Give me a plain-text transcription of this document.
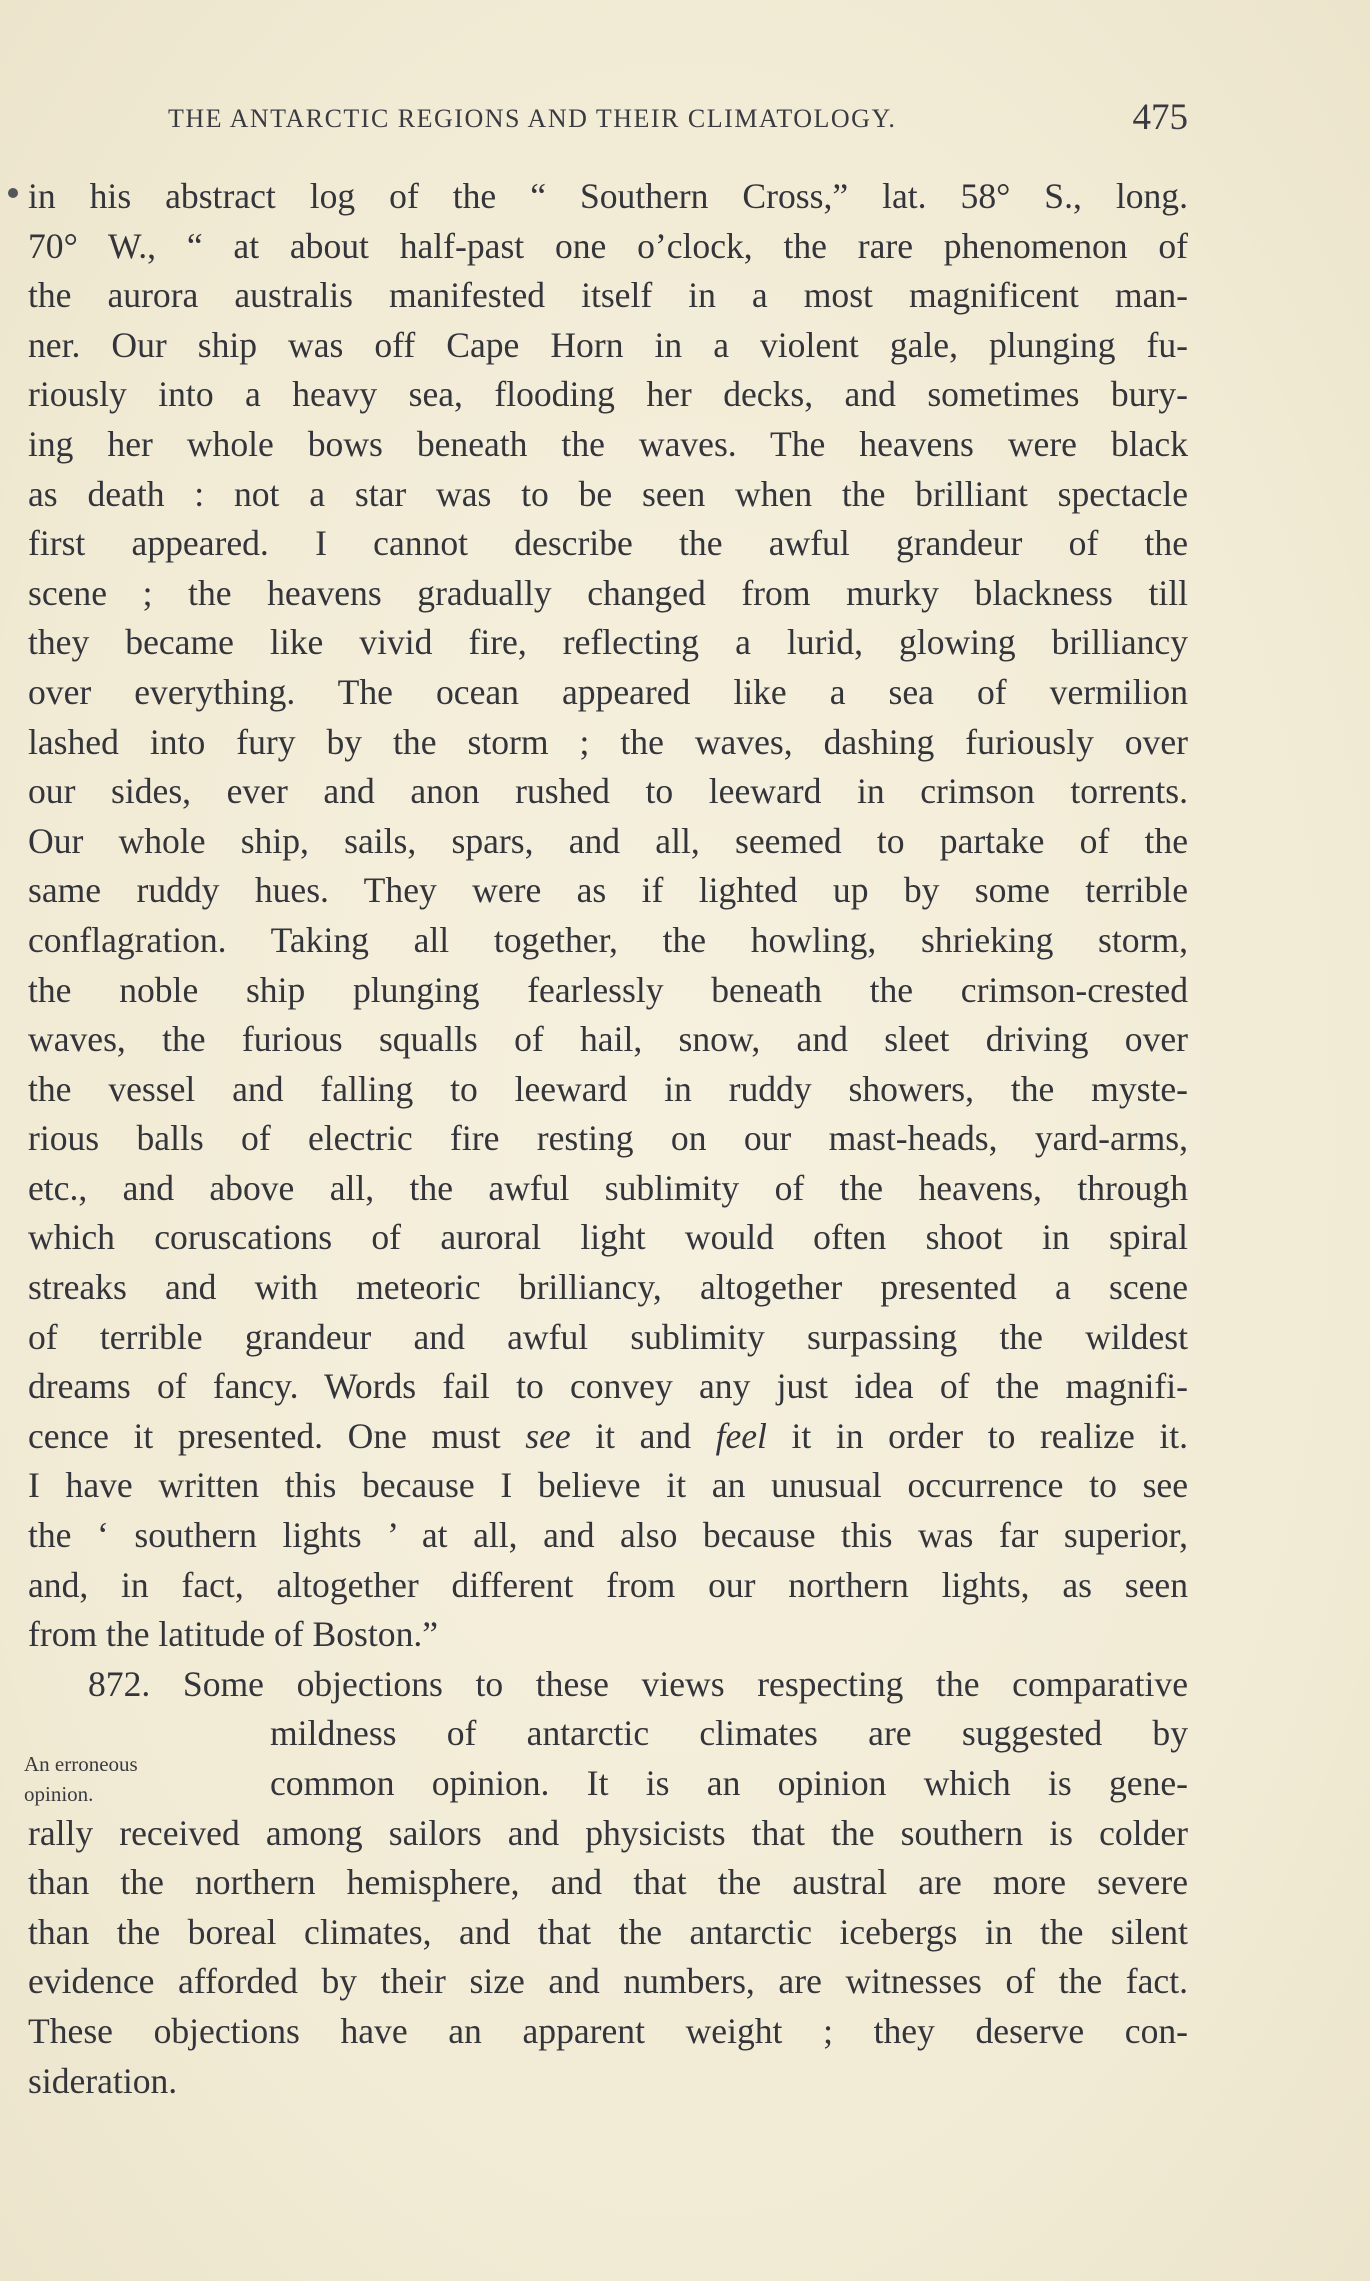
THE ANTARCTIC REGIONS AND THEIR CLIMATOLOGY.	475
in his abstract log of the “ Southern Cross,” lat. 58° S., long.
70° W., “ at about half-past one o’clock, the rare phenomenon of
the aurora australis manifested itself in a most magnificent man-
ner. Our ship was off Cape Horn in a violent gale, plunging fu-
riously into a heavy sea, flooding her decks, and sometimes bury-
ing her whole bows beneath the waves. The heavens were black
as death : not a star was to be seen when the brilliant spectacle
first appeared. I cannot describe the awful grandeur of the
scene ; the heavens gradually changed from murky blackness till
they became like vivid fire, reflecting a lurid, glowing brilliancy
over everything. The ocean appeared like a sea of vermilion
lashed into fury by the storm ; the waves, dashing furiously over
our sides, ever and anon rushed to leeward in crimson torrents.
Our whole ship, sails, spars, and all, seemed to partake of the
same ruddy hues. They were as if lighted up by some terrible
conflagration. Taking all together, the howling, shrieking storm,
the noble ship plunging fearlessly beneath the crimson-crested
waves, the furious squalls of hail, snow, and sleet driving over
the vessel and falling to leeward in ruddy showers, the myste-
rious balls of electric fire resting on our mast-heads, yard-arms,
etc., and above all, the awful sublimity of the heavens, through
which coruscations of auroral light would often shoot in spiral
streaks and with meteoric brilliancy, altogether presented a scene
of terrible grandeur and awful sublimity surpassing the wildest
dreams of fancy. Words fail to convey any just idea of the magnifi-
cence it presented. One must see it and feel it in order to realize it.
I have written this because I believe it an unusual occurrence to see
the ‘ southern lights ’ at all, and also because this was far superior,
and, in fact, altogether different from our northern lights, as seen
from the latitude of Boston.”
872. Some objections to these views respecting the comparative
mildness of antarctic climates are suggested by
common opinion. It is an opinion which is gene-
rally received among sailors and physicists that the southern is colder
than the northern hemisphere, and that the austral are more severe
than the boreal climates, and that the antarctic icebergs in the silent
evidence afforded by their size and numbers, are witnesses of the fact.
These objections have an apparent weight ; they deserve con-
sideration.
An erroneous
opinion.
